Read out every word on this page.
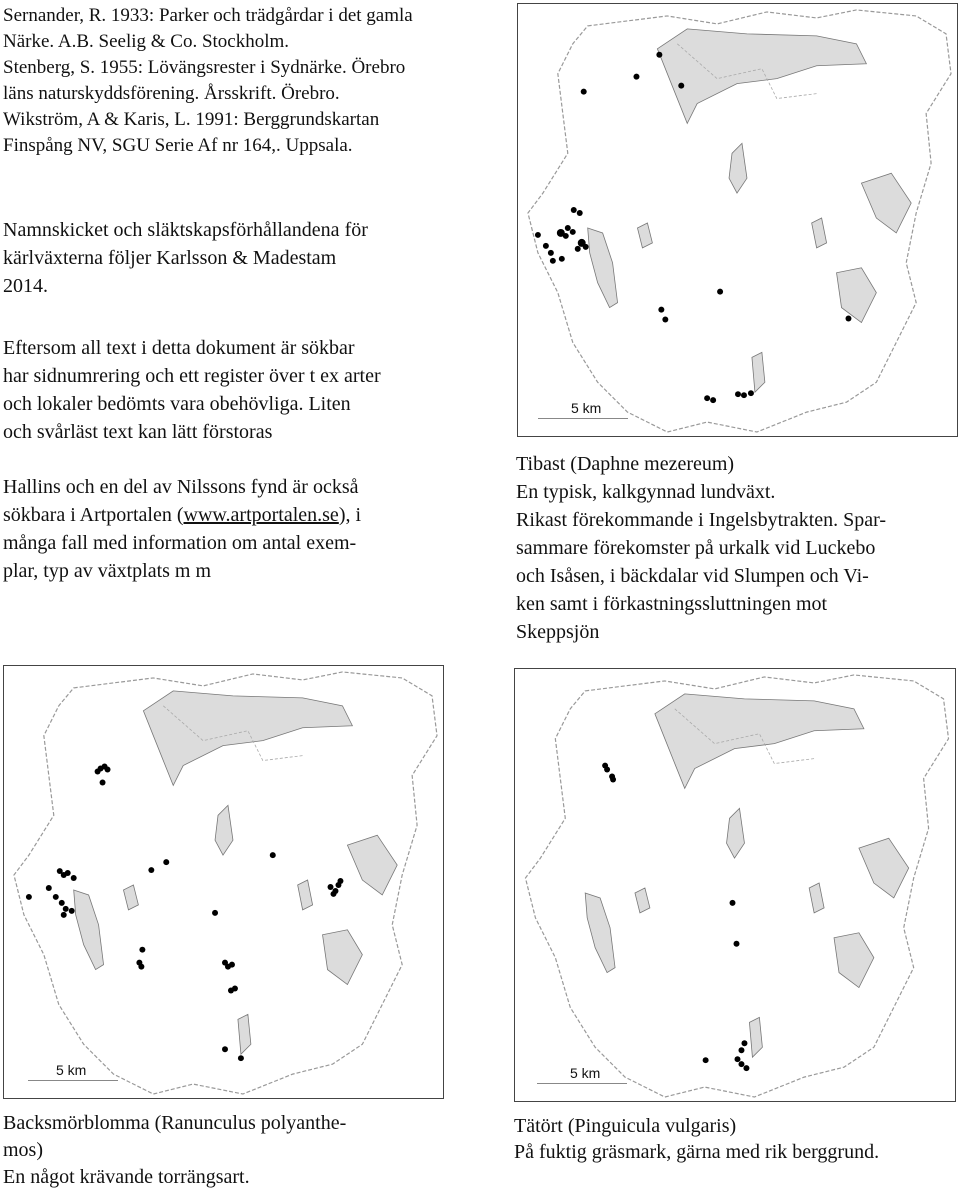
Sernander, R. 1933: Parker och trädgårdar i det gamla
Närke. A.B. Seelig & Co. Stockholm.
Stenberg, S. 1955: Lövängsrester i Sydnärke. Örebro
läns naturskyddsförening. Årsskrift. Örebro.
Wikström, A & Karis, L. 1991: Berggrundskartan
Finspång NV, SGU Serie Af nr 164,. Uppsala.
Namnskicket och släktskapsförhållandena för
kärlväxterna följer Karlsson & Madestam
2014.
Eftersom all text i detta dokument är sökbar
har sidnumrering och ett register över t ex arter
och lokaler bedömts vara obehövliga. Liten
och svårläst text kan lätt förstoras
Hallins och en del av Nilssons fynd är också
sökbara i Artportalen (www.artportalen.se), i
många fall med information om antal exem-
plar, typ av växtplats m m
5 km
Tibast (Daphne mezereum)
En typisk, kalkgynnad lundväxt.
Rikast förekommande i Ingelsbytrakten. Spar-
sammare förekomster på urkalk vid Luckebo
och Isåsen, i bäckdalar vid Slumpen och Vi-
ken samt i förkastningssluttningen mot
Skeppsjön
5 km
Backsmörblomma (Ranunculus polyanthe-
mos)
En något krävande torrängsart.
5 km
Tätört (Pinguicula vulgaris)
På fuktig gräsmark, gärna med rik berggrund.
